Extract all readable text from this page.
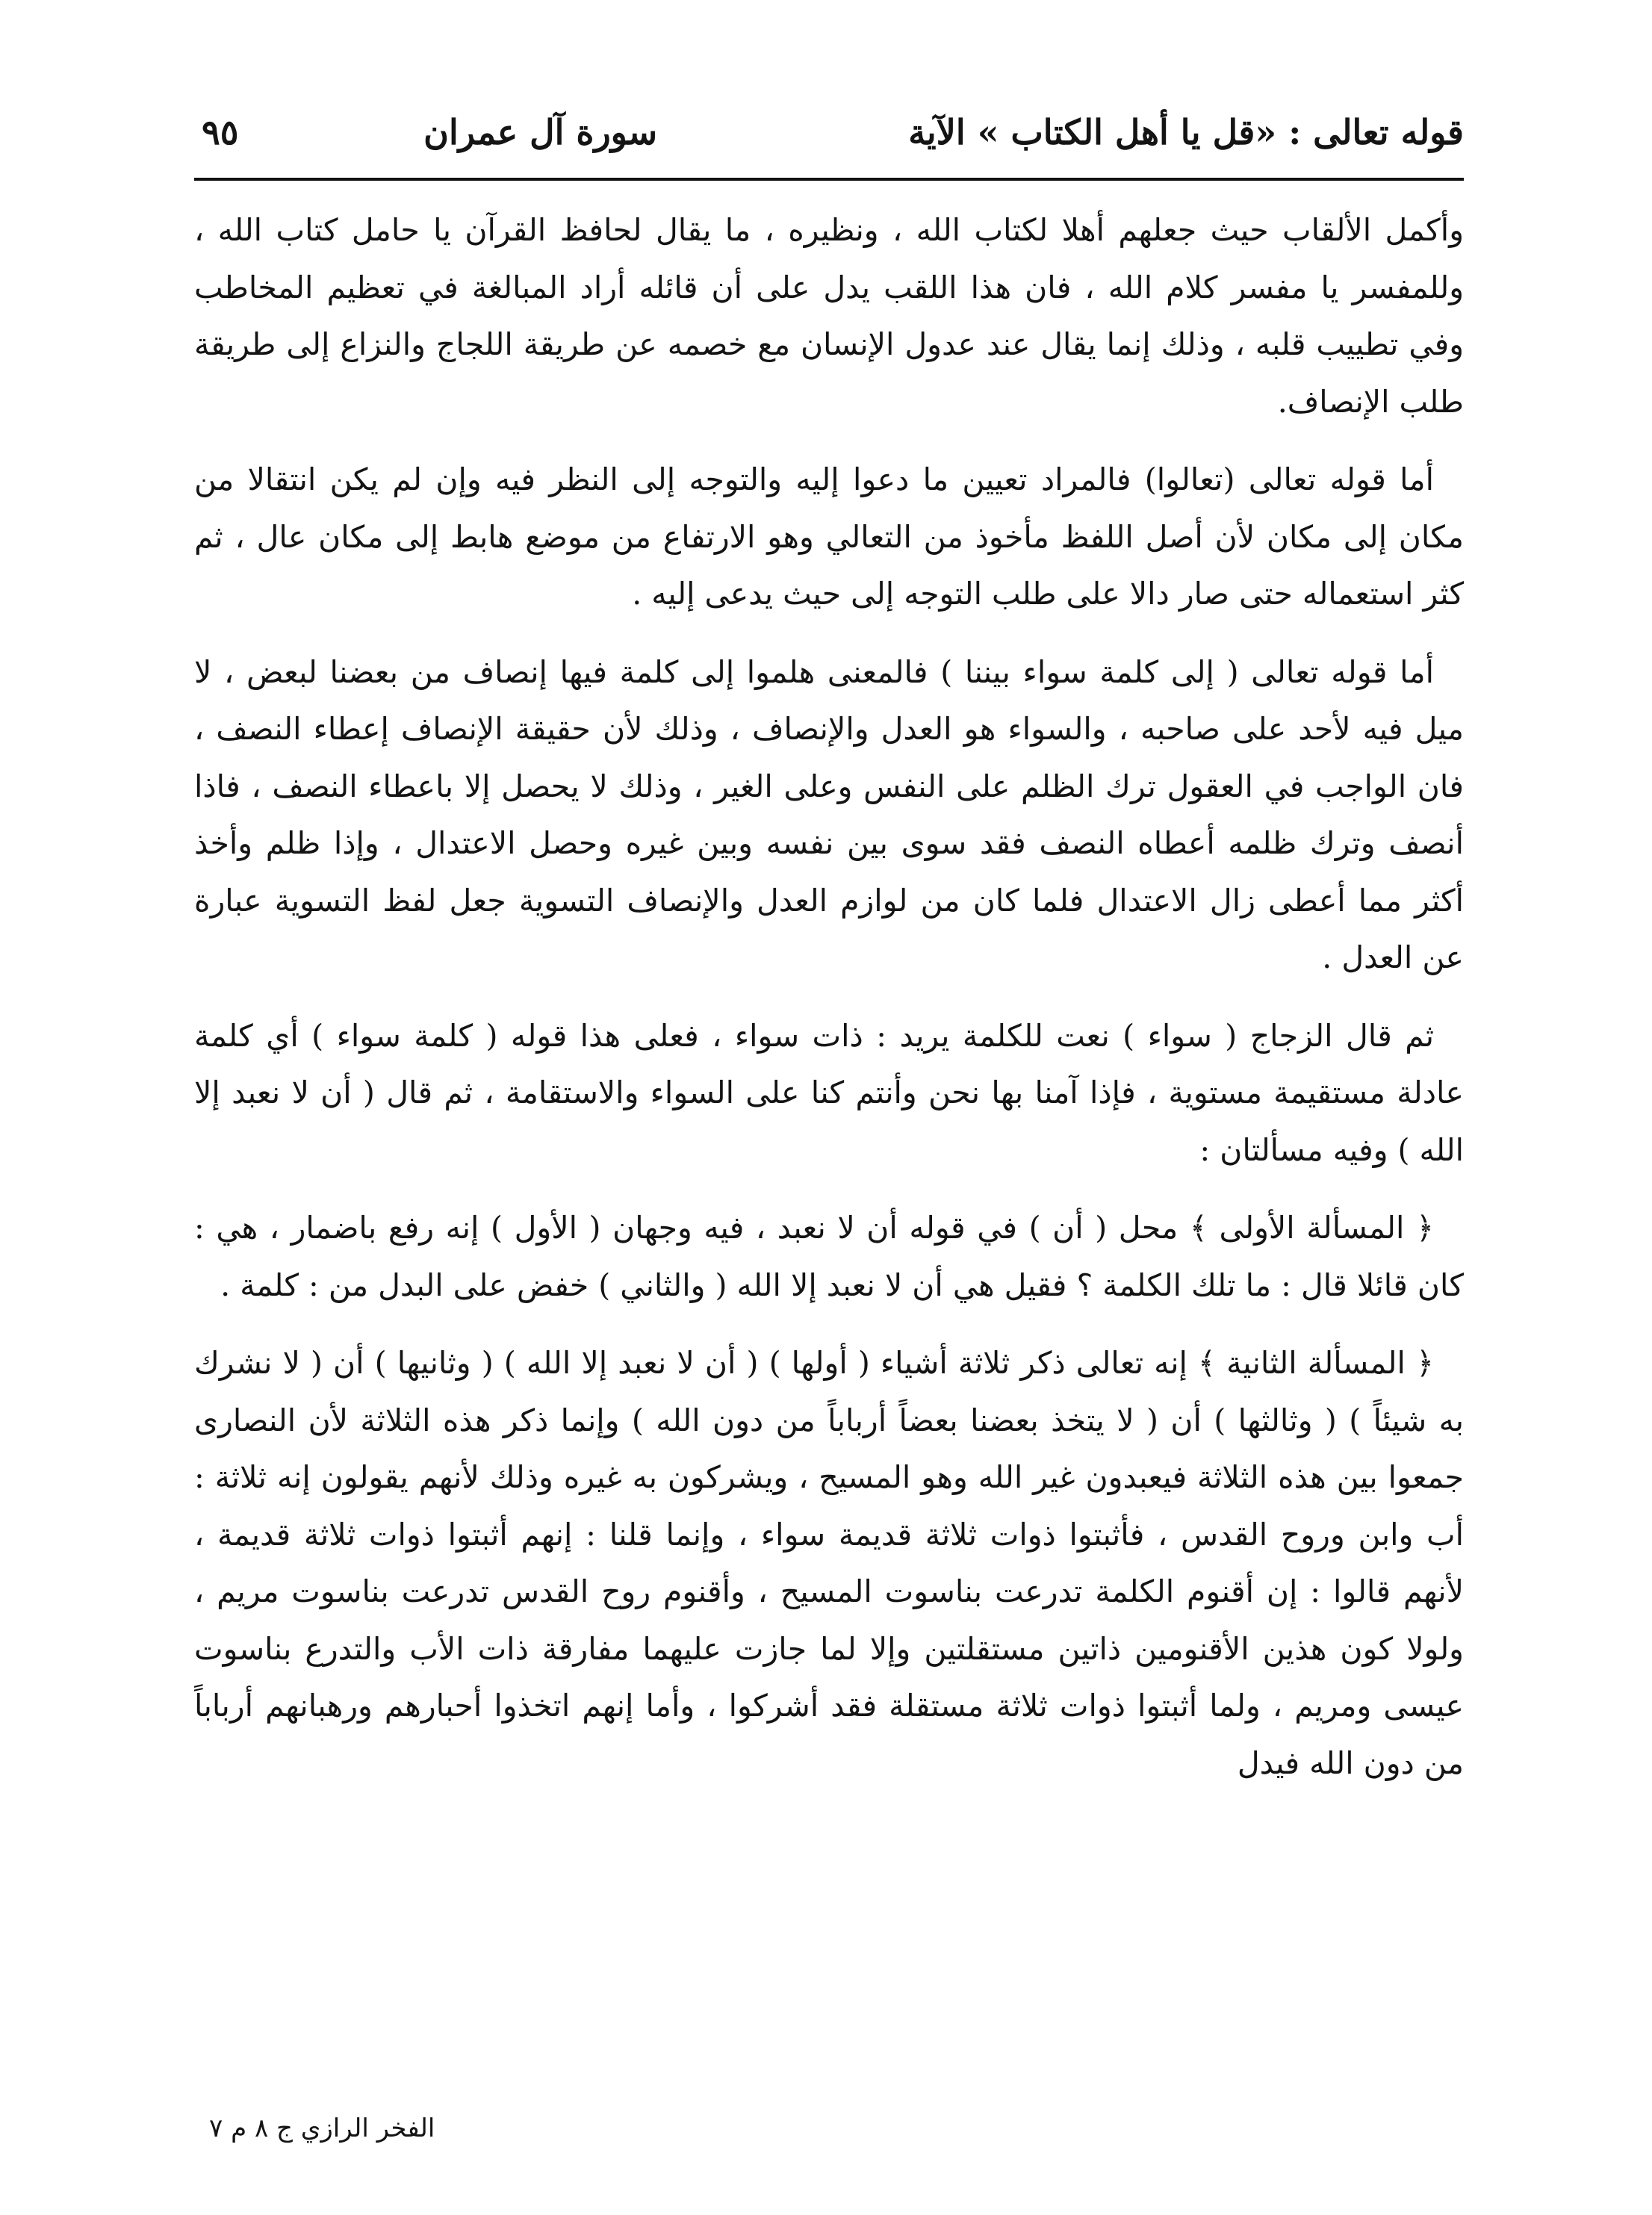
قوله تعالى : «قل يا أهل الكتاب » الآية
سورة آل عمران
٩٥

وأكمل الألقاب حيث جعلهم أهلا لكتاب الله ، ونظيره ، ما يقال لحافظ القرآن يا حامل كتاب الله ، وللمفسر يا مفسر كلام الله ، فان هذا اللقب يدل على أن قائله أراد المبالغة في تعظيم المخاطب وفي تطييب قلبه ، وذلك إنما يقال عند عدول الإنسان مع خصمه عن طريقة اللجاج والنزاع إلى طريقة طلب الإنصاف.

أما قوله تعالى (تعالوا) فالمراد تعيين ما دعوا إليه والتوجه إلى النظر فيه وإن لم يكن انتقالا من مكان إلى مكان لأن أصل اللفظ مأخوذ من التعالي وهو الارتفاع من موضع هابط إلى مكان عال ، ثم كثر استعماله حتى صار دالا على طلب التوجه إلى حيث يدعى إليه .

أما قوله تعالى ( إلى كلمة سواء بيننا ) فالمعنى هلموا إلى كلمة فيها إنصاف من بعضنا لبعض ، لا ميل فيه لأحد على صاحبه ، والسواء هو العدل والإنصاف ، وذلك لأن حقيقة الإنصاف إعطاء النصف ، فان الواجب في العقول ترك الظلم على النفس وعلى الغير ، وذلك لا يحصل إلا باعطاء النصف ، فاذا أنصف وترك ظلمه أعطاه النصف فقد سوى بين نفسه وبين غيره وحصل الاعتدال ، وإذا ظلم وأخذ أكثر مما أعطى زال الاعتدال فلما كان من لوازم العدل والإنصاف التسوية جعل لفظ التسوية عبارة عن العدل .

ثم قال الزجاج ( سواء ) نعت للكلمة يريد : ذات سواء ، فعلى هذا قوله ( كلمة سواء ) أي كلمة عادلة مستقيمة مستوية ، فإذا آمنا بها نحن وأنتم كنا على السواء والاستقامة ، ثم قال ( أن لا نعبد إلا الله ) وفيه مسألتان :

﴿ المسألة الأولى ﴾ محل ( أن ) في قوله أن لا نعبد ، فيه وجهان ( الأول ) إنه رفع باضمار ، هي : كان قائلا قال : ما تلك الكلمة ؟ فقيل هي أن لا نعبد إلا الله ( والثاني ) خفض على البدل من : كلمة .

﴿ المسألة الثانية ﴾ إنه تعالى ذكر ثلاثة أشياء ( أولها ) ( أن لا نعبد إلا الله ) ( وثانيها ) أن ( لا نشرك به شيئاً ) ( وثالثها ) أن ( لا يتخذ بعضنا بعضاً أرباباً من دون الله ) وإنما ذكر هذه الثلاثة لأن النصارى جمعوا بين هذه الثلاثة فيعبدون غير الله وهو المسيح ، ويشركون به غيره وذلك لأنهم يقولون إنه ثلاثة : أب وابن وروح القدس ، فأثبتوا ذوات ثلاثة قديمة سواء ، وإنما قلنا : إنهم أثبتوا ذوات ثلاثة قديمة ، لأنهم قالوا : إن أقنوم الكلمة تدرعت بناسوت المسيح ، وأقنوم روح القدس تدرعت بناسوت مريم ، ولولا كون هذين الأقنومين ذاتين مستقلتين وإلا لما جازت عليهما مفارقة ذات الأب والتدرع بناسوت عيسى ومريم ، ولما أثبتوا ذوات ثلاثة مستقلة فقد أشركوا ، وأما إنهم اتخذوا أحبارهم ورهبانهم أرباباً من دون الله فيدل

الفخر الرازي ج ٨ م ٧
